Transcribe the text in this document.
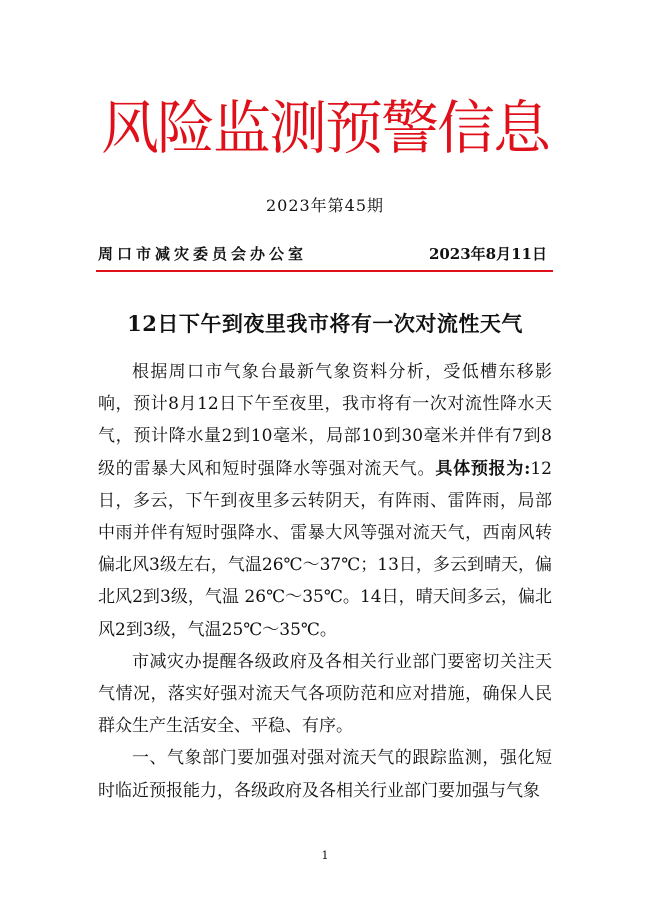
风险监测预警信息
2023年第45期
周口市减灾委员会办公室	2023年8月11日
12日下午到夜里我市将有一次对流性天气

根据周口市气象台最新气象资料分析，受低槽东移影响，预计8月12日下午至夜里，我市将有一次对流性降水天气，预计降水量2到10毫米，局部10到30毫米并伴有7到8级的雷暴大风和短时强降水等强对流天气。具体预报为:12日，多云，下午到夜里多云转阴天，有阵雨、雷阵雨，局部中雨并伴有短时强降水、雷暴大风等强对流天气，西南风转偏北风3级左右，气温26℃～37℃；13日，多云到晴天，偏北风2到3级，气温 26℃～35℃。14日，晴天间多云，偏北风2到3级，气温25℃～35℃。

市减灾办提醒各级政府及各相关行业部门要密切关注天气情况，落实好强对流天气各项防范和应对措施，确保人民群众生产生活安全、平稳、有序。

一、气象部门要加强对强对流天气的跟踪监测，强化短时临近预报能力，各级政府及各相关行业部门要加强与气象

1
